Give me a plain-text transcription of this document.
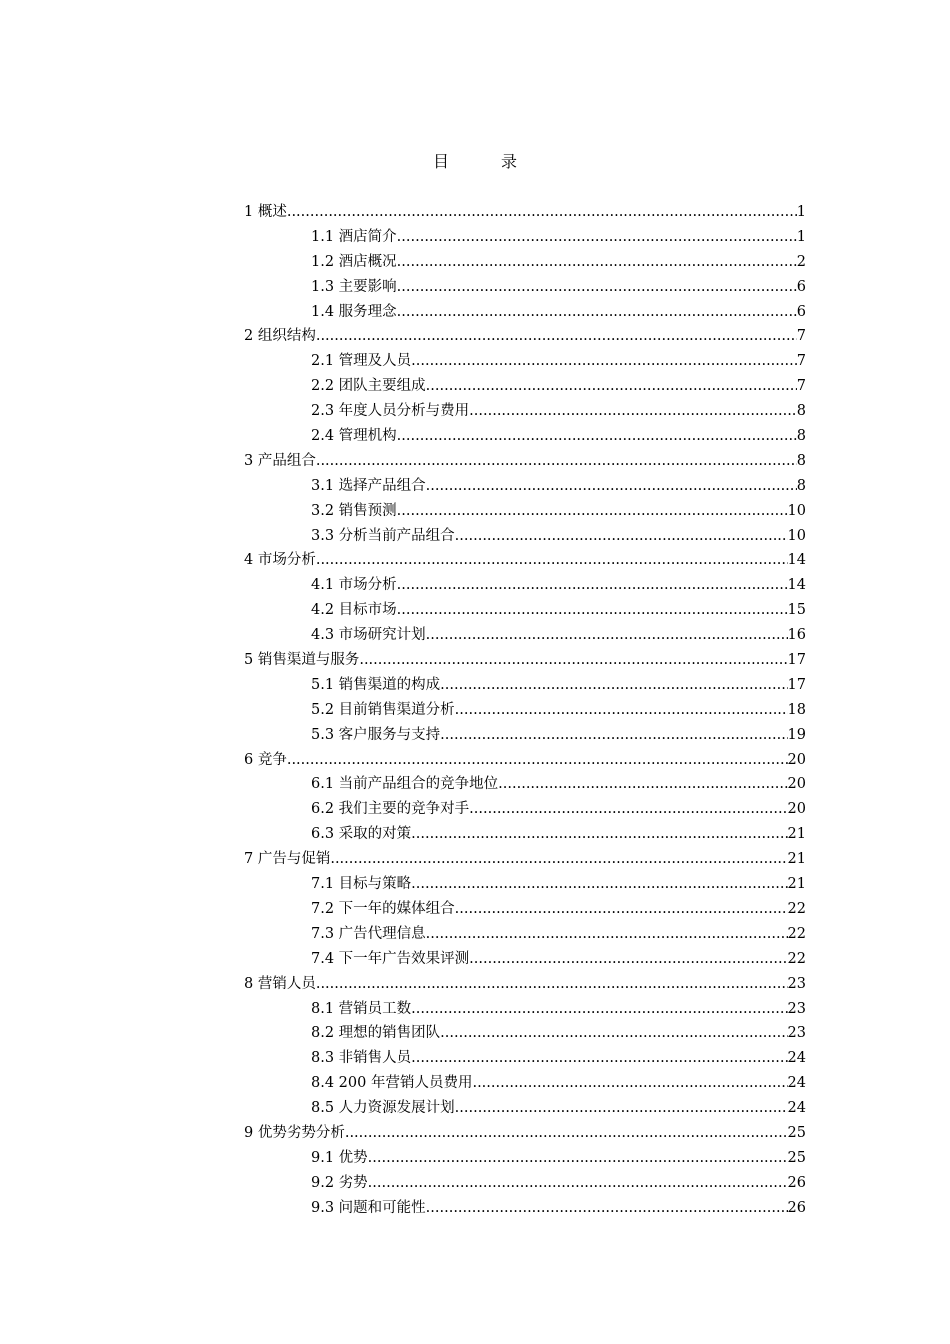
目录
1 概述 .....	1
1.1 酒店简介 .....	1
1.2 酒店概况 .....	2
1.3 主要影响 .....	6
1.4 服务理念 .....	6
2 组织结构 .....	7
2.1 管理及人员 .....	7
2.2 团队主要组成 .....	7
2.3 年度人员分析与费用 .....	8
2.4 管理机构 .....	8
3 产品组合 .....	8
3.1 选择产品组合 .....	8
3.2 销售预测 .....	10
3.3 分析当前产品组合 .....	10
4 市场分析 .....	14
4.1 市场分析 .....	14
4.2 目标市场 .....	15
4.3 市场研究计划 .....	16
5 销售渠道与服务 .....	17
5.1 销售渠道的构成 .....	17
5.2 目前销售渠道分析 .....	18
5.3 客户服务与支持 .....	19
6 竞争 .....	20
6.1 当前产品组合的竞争地位 .....	20
6.2 我们主要的竞争对手 .....	20
6.3 采取的对策 .....	21
7 广告与促销 .....	21
7.1 目标与策略 .....	21
7.2 下一年的媒体组合 .....	22
7.3 广告代理信息 .....	22
7.4 下一年广告效果评测 .....	22
8 营销人员 .....	23
8.1 营销员工数 .....	23
8.2 理想的销售团队 .....	23
8.3 非销售人员 .....	24
8.4 200 年营销人员费用 .....	24
8.5 人力资源发展计划 .....	24
9 优势劣势分析 .....	25
9.1 优势 .....	25
9.2 劣势 .....	26
9.3 问题和可能性 .....	26
